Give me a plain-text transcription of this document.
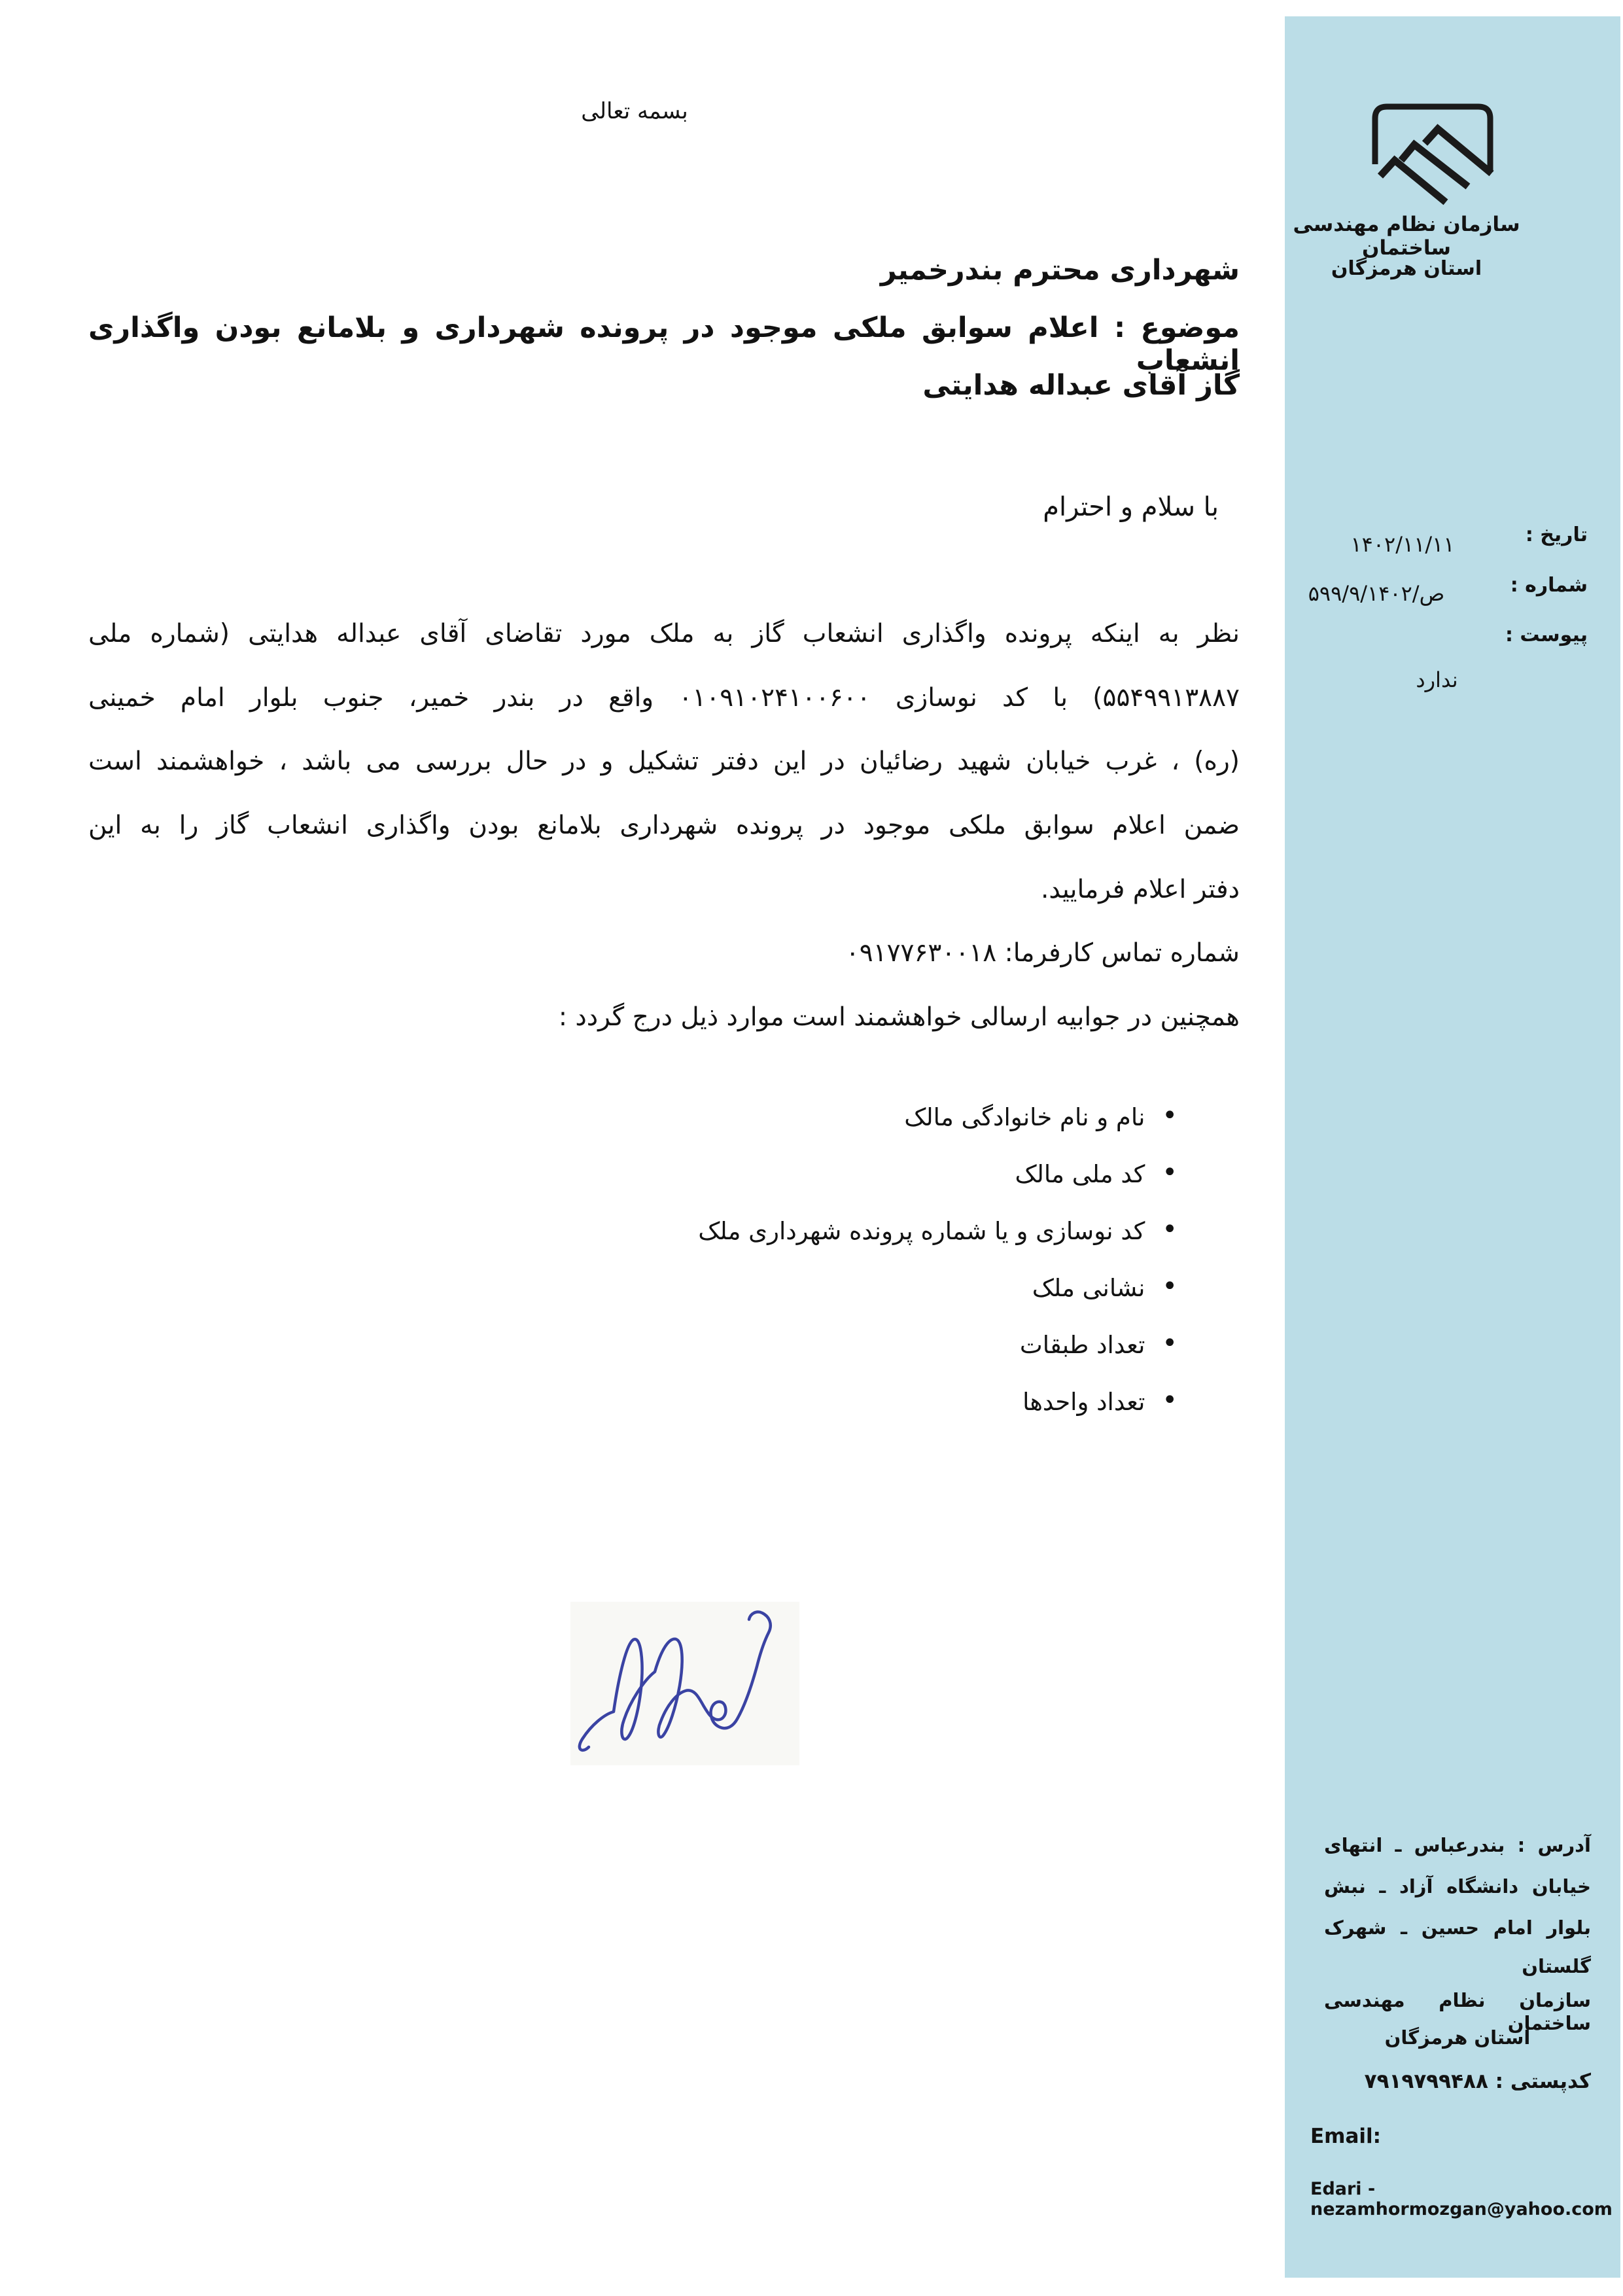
بسمه تعالی
شهرداری محترم بندرخمیر
موضوع : اعلام سوابق ملکی موجود در پرونده شهرداری و بلامانع بودن واگذاری انشعاب
گاز آقای عبداله هدایتی
با سلام و احترام
نظر به اینکه پرونده واگذاری انشعاب گاز به ملک مورد تقاضای آقای عبداله هدایتی (شماره ملی
۵۵۴۹۹۱۳۸۸۷) با کد نوسازی ۰۱۰۹۱۰۲۴۱۰۰۶۰۰ واقع در بندر خمیر، جنوب بلوار امام خمینی
(ره) ، غرب خیابان شهید رضائیان در این دفتر تشکیل و در حال بررسی می باشد ، خواهشمند است
ضمن اعلام سوابق ملکی موجود در پرونده شهرداری بلامانع بودن واگذاری انشعاب گاز را به این
دفتر اعلام فرمایید.
شماره تماس کارفرما: ۰۹۱۷۷۶۳۰۰۱۸
همچنین در جوابیه ارسالی خواهشمند است موارد ذیل درج گردد :
• نام و نام خانوادگی مالک
• کد ملی مالک
• کد نوسازی و یا شماره پرونده شهرداری ملک
• نشانی ملک
• تعداد طبقات
• تعداد واحدها
سازمان نظام مهندسی ساختمان
استان هرمزگان
تاریخ :
۱۴۰۲/۱۱/۱۱
شماره :
ص/۵۹۹/۹/۱۴۰۲
پیوست :
ندارد
آدرس : بندرعباس ـ انتهای
خیابان دانشگاه آزاد ـ نبش
بلوار امام حسین ـ شهرک
گلستان
سازمان نظام مهندسی ساختمان
استان هرمزگان
کدپستی : ۷۹۱۹۷۹۹۴۸۸
Email:
Edari - nezamhormozgan@yahoo.com
